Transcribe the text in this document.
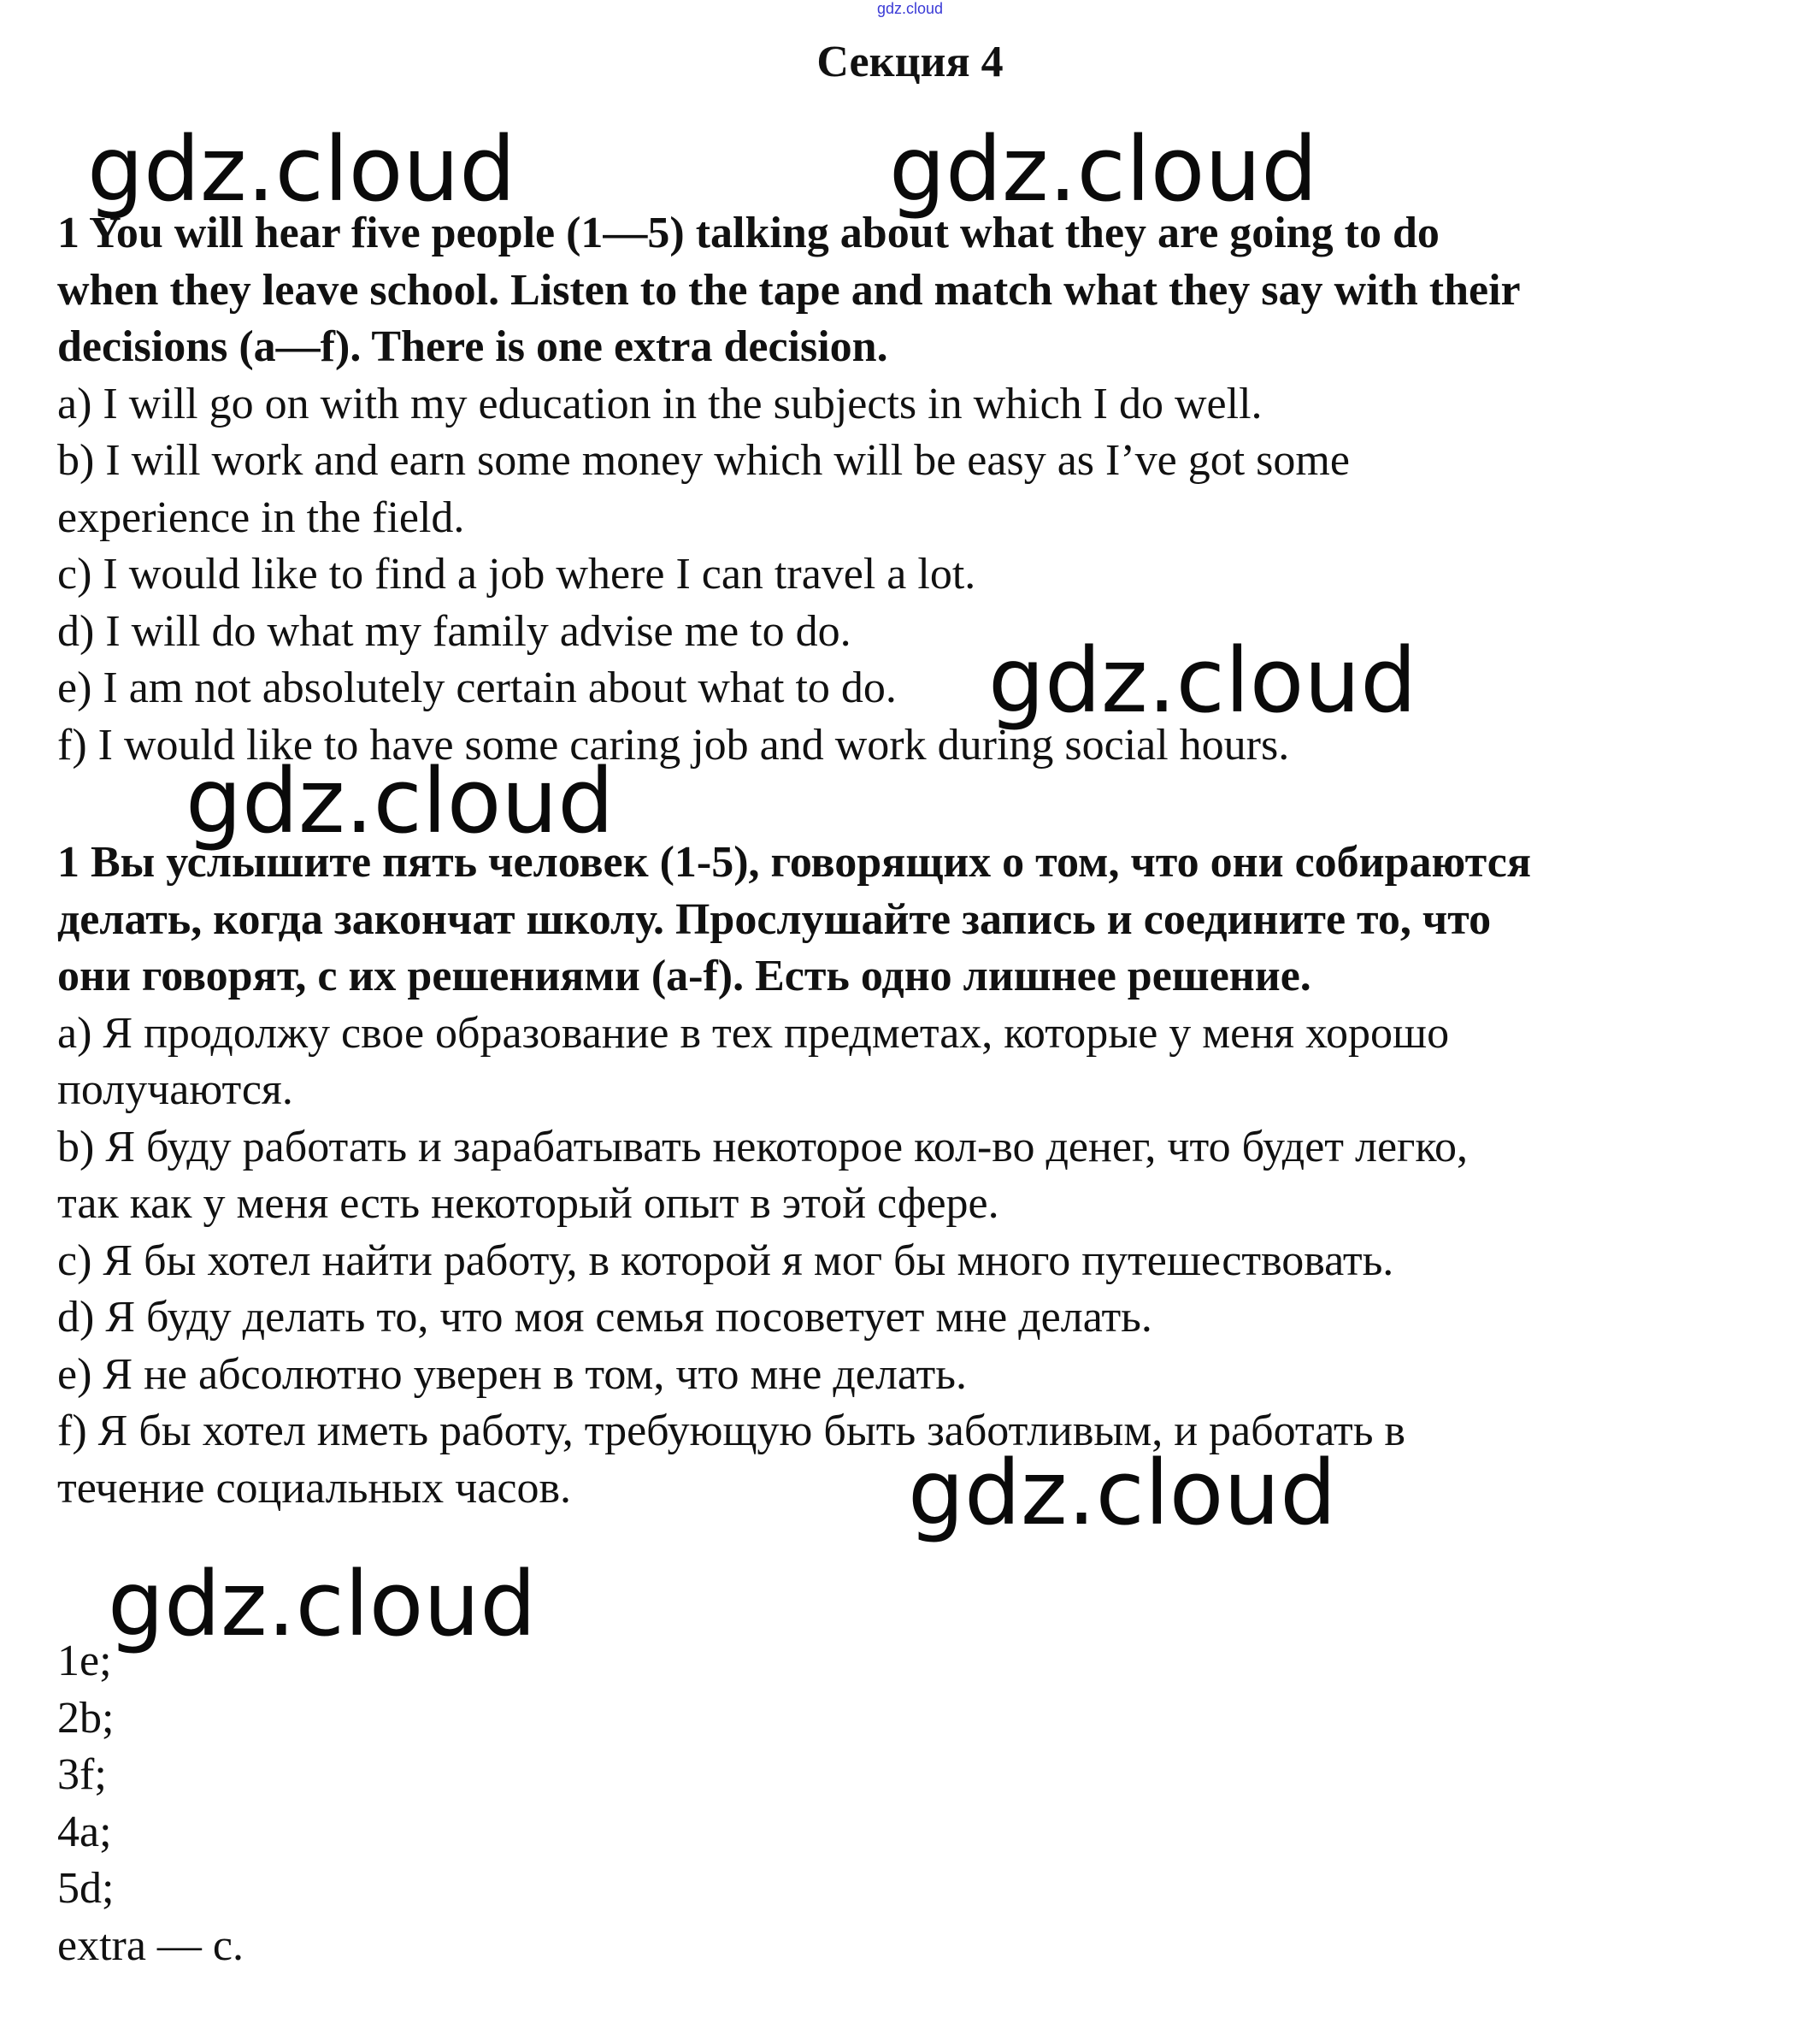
gdz.cloud
Секция 4

1 You will hear five people (1—5) talking about what they are going to do

when they leave school. Listen to the tape and match what they say with their

decisions (a—f). There is one extra decision.

a) I will go on with my education in the subjects in which I do well.

b) I will work and earn some money which will be easy as I’ve got some

experience in the field.

c) I would like to find a job where I can travel a lot.

d) I will do what my family advise me to do.

e) I am not absolutely certain about what to do.

f) I would like to have some caring job and work during social hours.

1 Вы услышите пять человек (1-5), говорящих о том, что они собираются

делать, когда закончат школу. Прослушайте запись и соедините то, что

они говорят, с их решениями (a-f). Есть одно лишнее решение.

a) Я продолжу свое образование в тех предметах, которые у меня хорошо

получаются.

b) Я буду работать и зарабатывать некоторое кол-во денег, что будет легко,

так как у меня есть некоторый опыт в этой сфере.

c) Я бы хотел найти работу, в которой я мог бы много путешествовать.

d) Я буду делать то, что моя семья посоветует мне делать.

e) Я не абсолютно уверен в том, что мне делать.

f) Я бы хотел иметь работу, требующую быть заботливым, и работать в

течение социальных часов.

1e;

2b;

3f;

4a;

5d;

extra — c.

gdz.cloud	gdz.cloud
gdz.cloud
gdz.cloud
gdz.cloud
gdz.cloud
